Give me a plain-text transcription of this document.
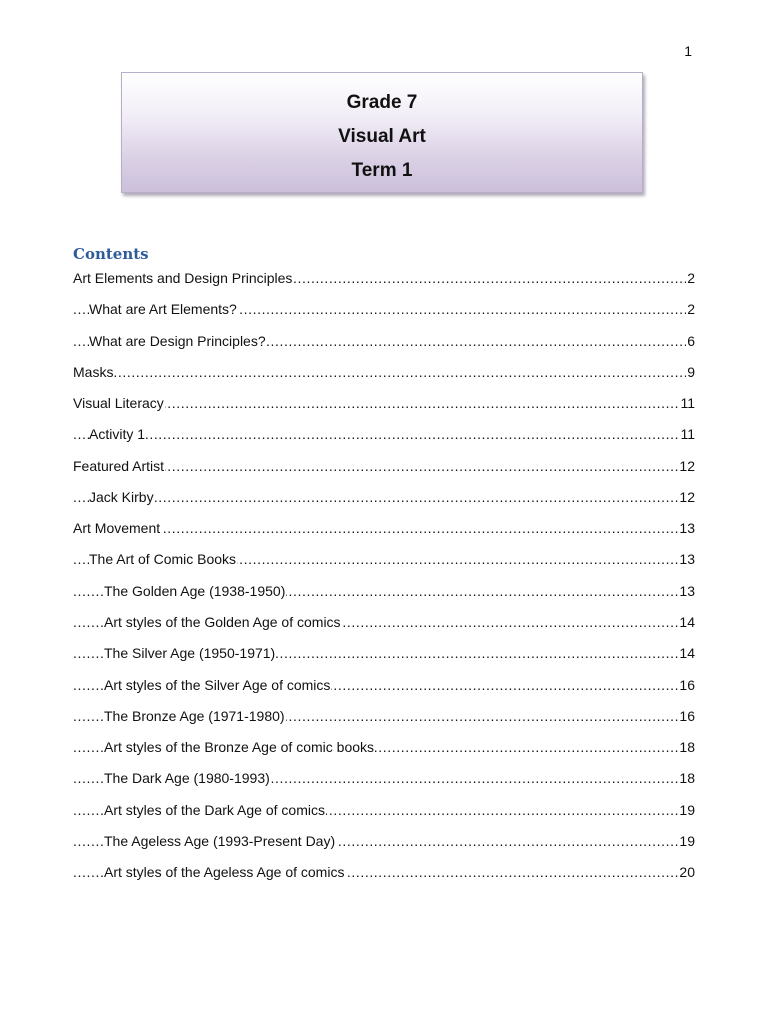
1
Grade 7
Visual Art
Term 1
Contents
Art Elements and Design Principles	2
.....
What are Art Elements?	2
.....
What are Design Principles?	6
.....
Masks	9
.....
Visual Literacy	11
.....
Activity 1	11
.....
Featured Artist	12
.....
Jack Kirby	12
.....
Art Movement	13
.....
The Art of Comic Books	13
.....
The Golden Age (1938-1950)	13
.....
Art styles of the Golden Age of comics	14
.....
The Silver Age (1950-1971)	14
.....
Art styles of the Silver Age of comics	16
.....
The Bronze Age (1971-1980)	16
.....
Art styles of the Bronze Age of comic books	18
.....
The Dark Age (1980-1993)	18
.....
Art styles of the Dark Age of comics	19
.....
The Ageless Age (1993-Present Day)	19
.....
Art styles of the Ageless Age of comics	20
.....
